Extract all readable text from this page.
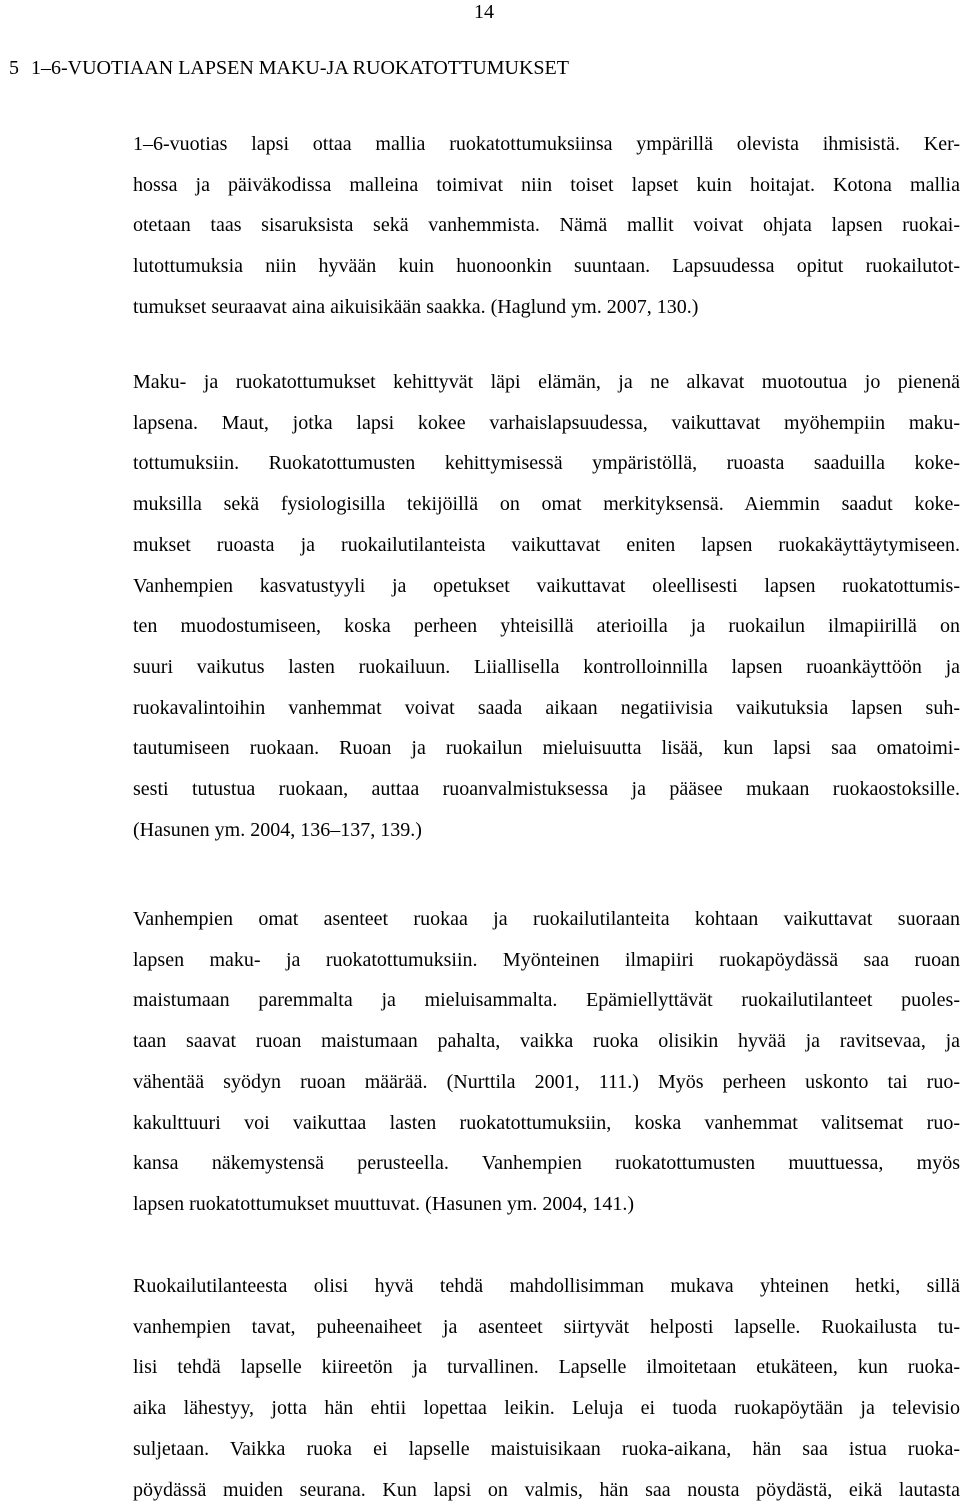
14
5 1–6-VUOTIAAN LAPSEN MAKU-JA RUOKATOTTUMUKSET
1–6-vuotias lapsi ottaa mallia ruokatottumuksiinsa ympärillä olevista ihmisistä. Ker-
hossa ja päiväkodissa malleina toimivat niin toiset lapset kuin hoitajat. Kotona mallia
otetaan taas sisaruksista sekä vanhemmista. Nämä mallit voivat ohjata lapsen ruokai-
lutottumuksia niin hyvään kuin huonoonkin suuntaan. Lapsuudessa opitut ruokailutot-
tumukset seuraavat aina aikuisikään saakka. (Haglund ym. 2007, 130.)
Maku- ja ruokatottumukset kehittyvät läpi elämän, ja ne alkavat muotoutua jo pienenä
lapsena. Maut, jotka lapsi kokee varhaislapsuudessa, vaikuttavat myöhempiin maku-
tottumuksiin. Ruokatottumusten kehittymisessä ympäristöllä, ruoasta saaduilla koke-
muksilla sekä fysiologisilla tekijöillä on omat merkityksensä. Aiemmin saadut koke-
mukset ruoasta ja ruokailutilanteista vaikuttavat eniten lapsen ruokakäyttäytymiseen.
Vanhempien kasvatustyyli ja opetukset vaikuttavat oleellisesti lapsen ruokatottumis-
ten muodostumiseen, koska perheen yhteisillä aterioilla ja ruokailun ilmapiirillä on
suuri vaikutus lasten ruokailuun. Liiallisella kontrolloinnilla lapsen ruoankäyttöön ja
ruokavalintoihin vanhemmat voivat saada aikaan negatiivisia vaikutuksia lapsen suh-
tautumiseen ruokaan. Ruoan ja ruokailun mieluisuutta lisää, kun lapsi saa omatoimi-
sesti tutustua ruokaan, auttaa ruoanvalmistuksessa ja pääsee mukaan ruokaostoksille.
(Hasunen ym. 2004, 136–137, 139.)
Vanhempien omat asenteet ruokaa ja ruokailutilanteita kohtaan vaikuttavat suoraan
lapsen maku- ja ruokatottumuksiin. Myönteinen ilmapiiri ruokapöydässä saa ruoan
maistumaan paremmalta ja mieluisammalta. Epämiellyttävät ruokailutilanteet puoles-
taan saavat ruoan maistumaan pahalta, vaikka ruoka olisikin hyvää ja ravitsevaa, ja
vähentää syödyn ruoan määrää. (Nurttila 2001, 111.) Myös perheen uskonto tai ruo-
kakulttuuri voi vaikuttaa lasten ruokatottumuksiin, koska vanhemmat valitsemat ruo-
kansa näkemystensä perusteella. Vanhempien ruokatottumusten muuttuessa, myös
lapsen ruokatottumukset muuttuvat. (Hasunen ym. 2004, 141.)
Ruokailutilanteesta olisi hyvä tehdä mahdollisimman mukava yhteinen hetki, sillä
vanhempien tavat, puheenaiheet ja asenteet siirtyvät helposti lapselle. Ruokailusta tu-
lisi tehdä lapselle kiireetön ja turvallinen. Lapselle ilmoitetaan etukäteen, kun ruoka-
aika lähestyy, jotta hän ehtii lopettaa leikin. Leluja ei tuoda ruokapöytään ja televisio
suljetaan. Vaikka ruoka ei lapselle maistuisikaan ruoka-aikana, hän saa istua ruoka-
pöydässä muiden seurana. Kun lapsi on valmis, hän saa nousta pöydästä, eikä lautasta
